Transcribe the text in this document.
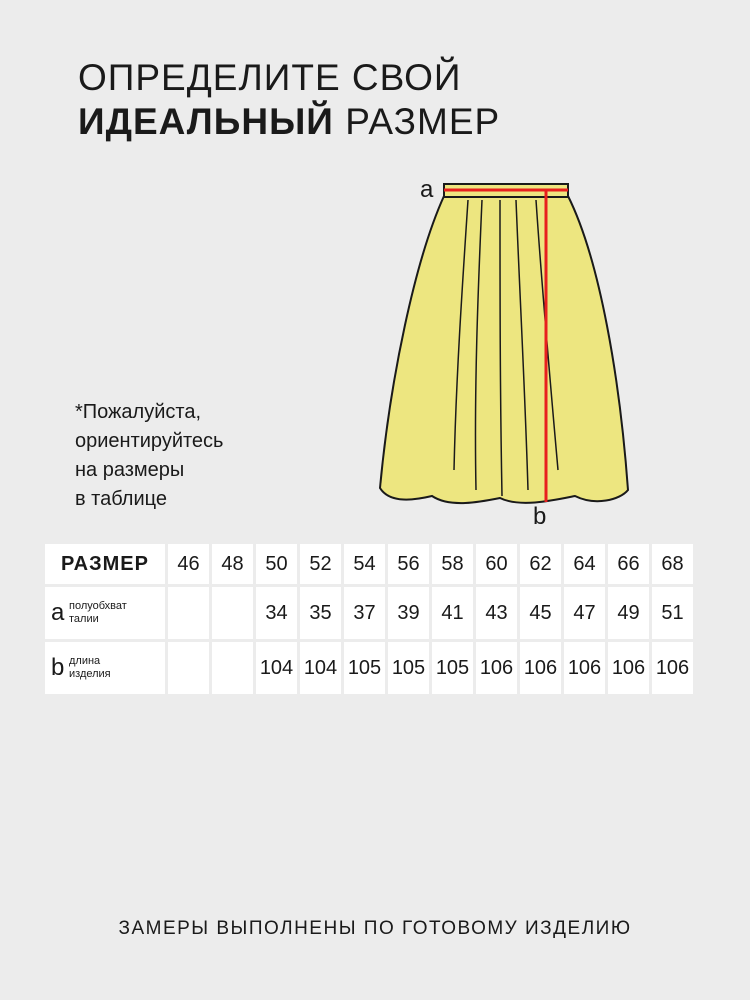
ОПРЕДЕЛИТЕ СВОЙ
ИДЕАЛЬНЫЙ РАЗМЕР
*Пожалуйста,
ориентируйтесь
на размеры
в таблице
a
b
РАЗМЕР	46	48	50	52	54	56	58	60	62	64	66	68
a полуобхват
талии			34	35	37	39	41	43	45	47	49	51
b длина
изделия			104	104	105	105	105	106	106	106	106	106
ЗАМЕРЫ ВЫПОЛНЕНЫ ПО ГОТОВОМУ ИЗДЕЛИЮ
